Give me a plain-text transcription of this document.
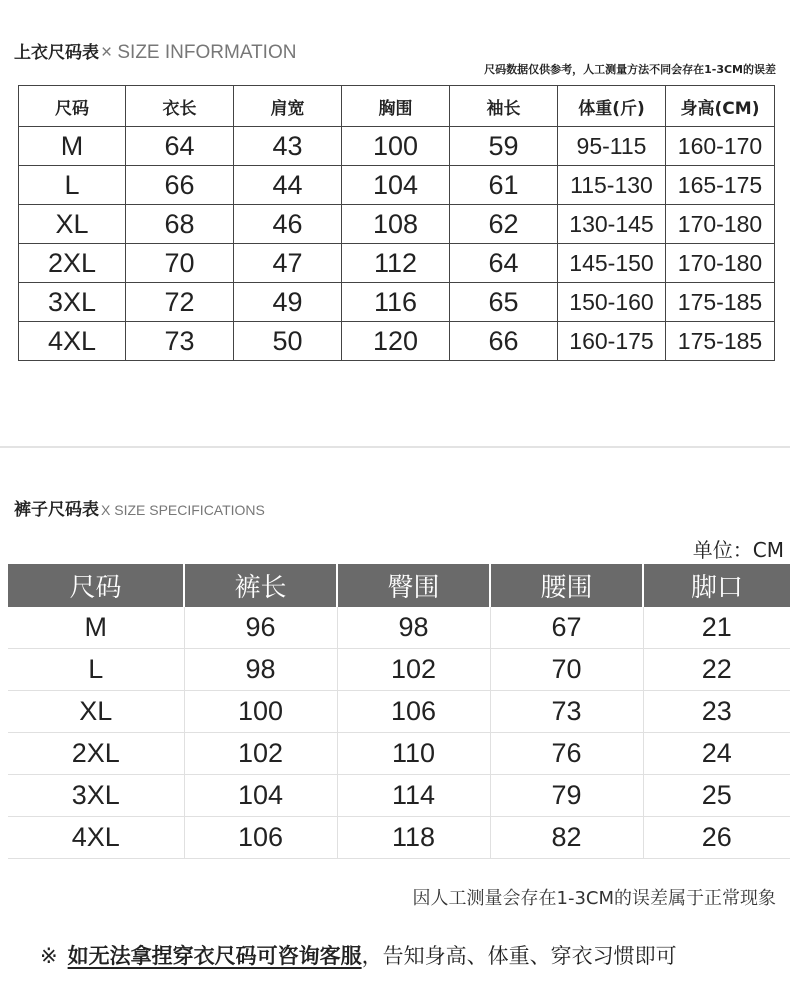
上衣尺码表 × SIZE INFORMATION
尺码数据仅供参考，人工测量方法不同会存在1-3CM的误差
尺码	衣长	肩宽	胸围	袖长	体重(斤)	身高(CM)
M	64	43	100	59	95-115	160-170
L	66	44	104	61	115-130	165-175
XL	68	46	108	62	130-145	170-180
2XL	70	47	112	64	145-150	170-180
3XL	72	49	116	65	150-160	175-185
4XL	73	50	120	66	160-175	175-185
裤子尺码表 X SIZE SPECIFICATIONS
单位：CM
尺码	裤长	臀围	腰围	脚口
M	96	98	67	21
L	98	102	70	22
XL	100	106	73	23
2XL	102	110	76	24
3XL	104	114	79	25
4XL	106	118	82	26
因人工测量会存在1-3CM的误差属于正常现象
※ 如无法拿捏穿衣尺码可咨询客服，告知身高、体重、穿衣习惯即可
